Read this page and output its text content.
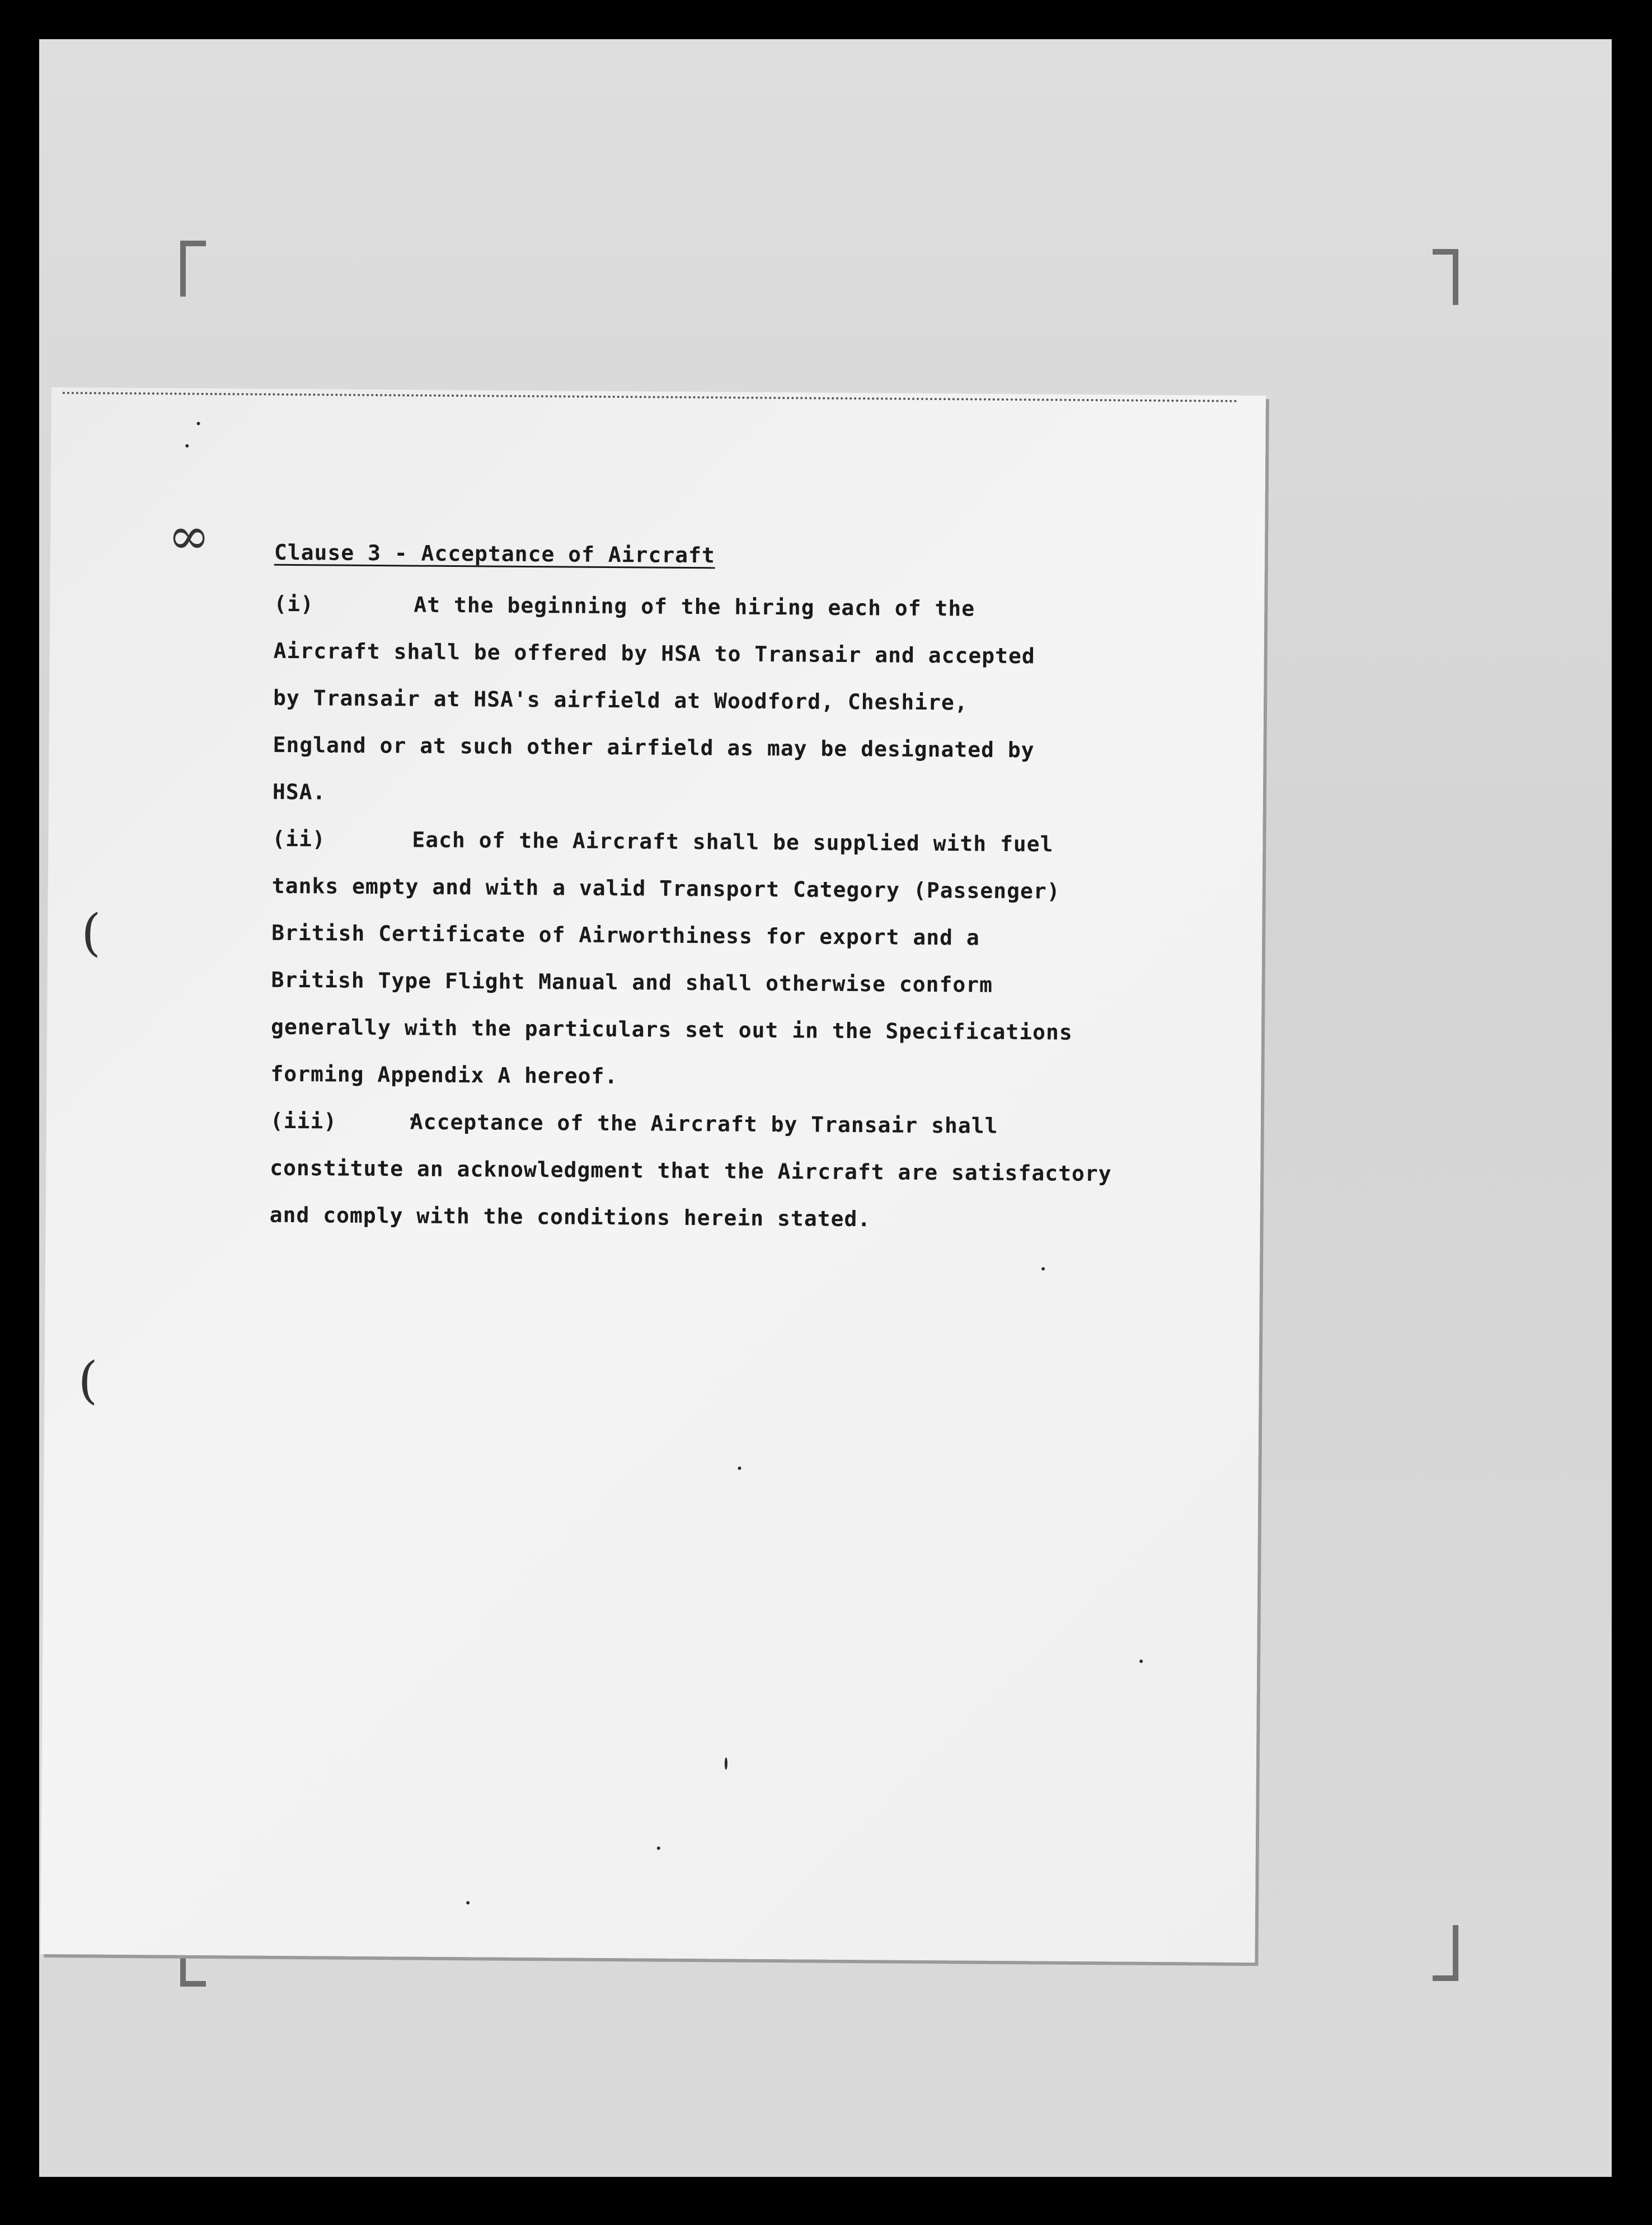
∞
(
(
Clause 3 - Acceptance of Aircraft
(i)	At the beginning of the hiring each of the
Aircraft shall be offered by HSA to Transair and accepted
by Transair at HSA's airfield at Woodford, Cheshire,
England or at such other airfield as may be designated by
HSA.
(ii)	Each of the Aircraft shall be supplied with fuel
tanks empty and with a valid Transport Category (Passenger)
British Certificate of Airworthiness for export and a
British Type Flight Manual and shall otherwise conform
generally with the particulars set out in the Specifications
forming Appendix A hereof.
(iii)	Acceptance of the Aircraft by Transair shall
constitute an acknowledgment that the Aircraft are satisfactory
and comply with the conditions herein stated.
